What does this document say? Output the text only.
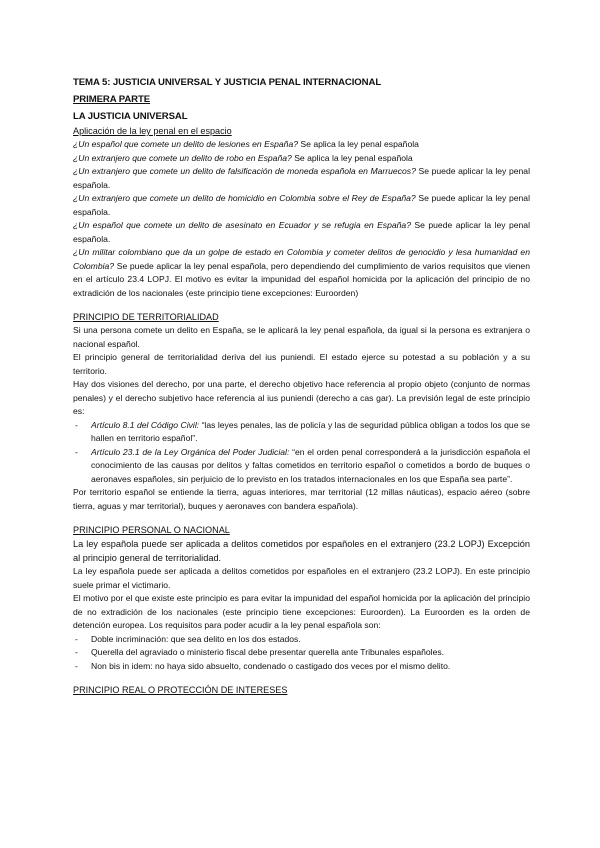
TEMA 5: JUSTICIA UNIVERSAL Y JUSTICIA PENAL INTERNACIONAL
PRIMERA PARTE
LA JUSTICIA UNIVERSAL
Aplicación de la ley penal en el espacio

¿Un español que comete un delito de lesiones en España? Se aplica la ley penal española

¿Un extranjero que comete un delito de robo en España? Se aplica la ley penal española

¿Un extranjero que comete un delito de falsificación de moneda española en Marruecos? Se puede aplicar la ley penal española.

¿Un extranjero que comete un delito de homicidio en Colombia sobre el Rey de España? Se puede aplicar la ley penal española.

¿Un español que comete un delito de asesinato en Ecuador y se refugia en España? Se puede aplicar la ley penal española.

¿Un militar colombiano que da un golpe de estado en Colombia y cometer delitos de genocidio y lesa humanidad en Colombia? Se puede aplicar la ley penal española, pero dependiendo del cumplimiento de varios requisitos que vienen en el artículo 23.4 LOPJ. El motivo es evitar la impunidad del español homicida por la aplicación del principio de no extradición de los nacionales (este principio tiene excepciones: Euroorden)

PRINCIPIO DE TERRITORIALIDAD

Si una persona comete un delito en España, se le aplicará la ley penal española, da igual si la persona es extranjera o nacional español.

El principio general de territorialidad deriva del ius puniendi. El estado ejerce su potestad a su población y a su territorio.

Hay dos visiones del derecho, por una parte, el derecho objetivo hace referencia al propio objeto (conjunto de normas penales) y el derecho subjetivo hace referencia al ius puniendi (derecho a cas gar). La previsión legal de este principio es:

- Artículo 8.1 del Código Civil: “las leyes penales, las de policía y las de seguridad pública obligan a todos los que se hallen en territorio español”.
- Artículo 23.1 de la Ley Orgánica del Poder Judicial: “en el orden penal corresponderá a la jurisdicción española el conocimiento de las causas por delitos y faltas cometidos en territorio español o cometidos a bordo de buques o aeronaves españoles, sin perjuicio de lo previsto en los tratados internacionales en los que España sea parte”.

Por territorio español se entiende la tierra, aguas interiores, mar territorial (12 millas náuticas), espacio aéreo (sobre tierra, aguas y mar territorial), buques y aeronaves con bandera española).

PRINCIPIO PERSONAL O NACIONAL

La ley española puede ser aplicada a delitos cometidos por españoles en el extranjero (23.2 LOPJ) Excepción al principio general de territorialidad.

La ley española puede ser aplicada a delitos cometidos por españoles en el extranjero (23.2 LOPJ). En este principio suele primar el victimario.

El motivo por el que existe este principio es para evitar la impunidad del español homicida por la aplicación del principio de no extradición de los nacionales (este principio tiene excepciones: Euroorden). La Euroorden es la orden de detención europea. Los requisitos para poder acudir a la ley penal española son:

- Doble incriminación: que sea delito en los dos estados.
- Querella del agraviado o ministerio fiscal debe presentar querella ante Tribunales españoles.
- Non bis in idem: no haya sido absuelto, condenado o castigado dos veces por el mismo delito.
PRINCIPIO REAL O PROTECCIÓN DE INTERESES
